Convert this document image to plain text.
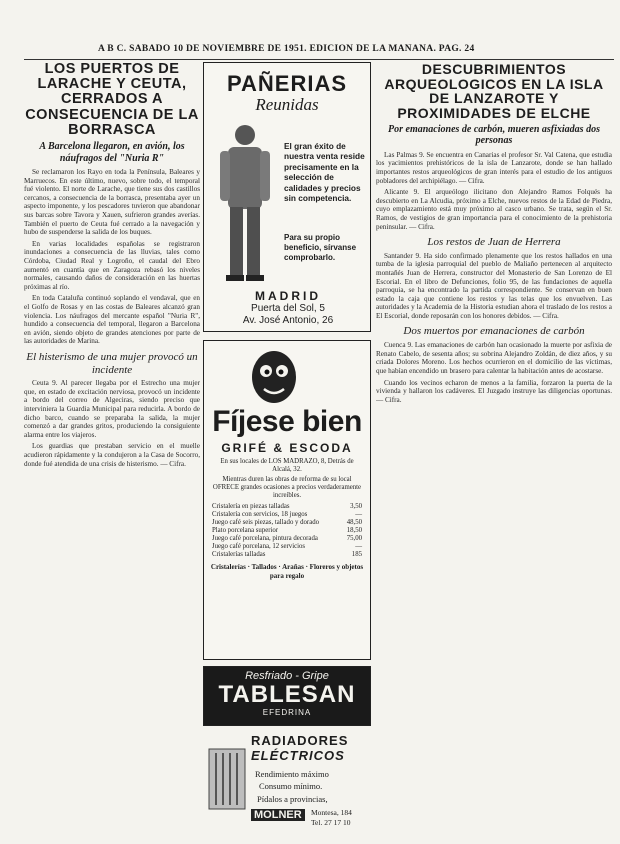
A B C. SABADO 10 DE NOVIEMBRE DE 1951. EDICION DE LA MAÑANA. PAG. 24
LOS PUERTOS DE LARACHE Y CEUTA, CERRADOS A CONSECUENCIA DE LA BORRASCA
A Barcelona llegaron, en avión, los náufragos del "Nuria R"

Se reclamaron los Rayo en toda la Península, Baleares y Marruecos. En este último, nuevo, sobre todo, el temporal fué violento. El norte de Larache, que tiene sus dos castillos cercanos, a consecuencia de la borrasca, presentaba ayer un aspecto imponente, y los pescadores tuvieron que abandonar sus barcas sobre Tavora y Xauen, sufrieron grandes averías. También el puerto de Ceuta fué cerrado a la navegación y hubo de suspenderse la salida de los buques.

En varias localidades españolas se registraron inundaciones a consecuencia de las lluvias, tales como Córdoba, Ciudad Real y Logroño, el caudal del Ebro aumentó en cuantía que en Zaragoza rebasó los niveles normales, causando daños de consideración en las huertas próximas al río.

En toda Cataluña continuó soplando el vendaval, que en el Golfo de Rosas y en las costas de Baleares alcanzó gran violencia. Los náufragos del mercante español "Nuria R", hundido a consecuencia del temporal, llegaron a Barcelona en avión, siendo objeto de grandes atenciones por parte de las autoridades de Marina.

El histerismo de una mujer provocó un incidente

Ceuta 9. Al parecer llegaba por el Estrecho una mujer que, en estado de excitación nerviosa, provocó un incidente a bordo del correo de Algeciras, siendo preciso que interviniera la Guardia Municipal para reducirla. A bordo de dicho barco, cuando se preparaba la salida, la mujer comenzó a dar grandes gritos, produciendo la consiguiente alarma entre los viajeros.

Los guardias que prestaban servicio en el muelle acudieron rápidamente y la condujeron a la Casa de Socorro, donde fué atendida de una crisis de histerismo. — Cifra.

PAÑERIAS
Reunidas
El gran éxito de nuestra venta reside precisamente en la selección de calidades y precios sin competencia.
Para su propio beneficio, sírvanse comprobarlo.
MADRID
Puerta del Sol, 5
Av. José Antonio, 26
Fíjese bien
GRIFÉ & ESCODA
En sus locales de LOS MADRAZO, 8, Detrás de Alcalá, 32.
Mientras duren las obras de reforma de su local OFRECE grandes ocasiones a precios verdaderamente increíbles.
Cristalería en piezas talladas	3,50
Cristalería con servicios, 18 juegos	—
Juego café seis piezas, tallado y dorado	48,50
Plato porcelana superior	18,50
Juego café porcelana, pintura decorada	75,00
Juego café porcelana, 12 servicios	—
Cristalerías talladas	185
Cristalerías · Tallados · Arañas · Floreros y objetos para regalo
Resfriado - Gripe
TABLESAN
EFEDRINA
RADIADORES
ELÉCTRICOS
Rendimiento máximo
Consumo mínimo.
Pídalos a provincias,
MOLNER	Montesa, 184
Tel. 27 17 10
DESCUBRIMIENTOS ARQUEOLOGICOS EN LA ISLA DE LANZAROTE Y PROXIMIDADES DE ELCHE
Por emanaciones de carbón, mueren asfixiadas dos personas

Las Palmas 9. Se encuentra en Canarias el profesor Sr. Val Catena, que estudia los yacimientos prehistóricos de la isla de Lanzarote, donde se han hallado importantes restos arqueológicos de gran interés para el estudio de los antiguos pobladores del archipiélago. — Cifra.

Alicante 9. El arqueólogo ilicitano don Alejandro Ramos Folqués ha descubierto en La Alcudia, próximo a Elche, nuevos restos de la Edad de Piedra, cuyo emplazamiento está muy próximo al casco urbano. Se trata, según el Sr. Ramos, de vestigios de gran importancia para el conocimiento de la prehistoria peninsular. — Cifra.

Los restos de Juan de Herrera

Santander 9. Ha sido confirmado plenamente que los restos hallados en una tumba de la iglesia parroquial del pueblo de Maliaño pertenecen al arquitecto montañés Juan de Herrera, constructor del Monasterio de San Lorenzo de El Escorial. En el libro de Defunciones, folio 95, de las fundaciones de aquella parroquia, se ha encontrado la partida correspondiente. Se conservan en buen estado la caja que contiene los restos y las telas que los envuelven. Las autoridades y la Academia de la Historia estudian ahora el traslado de los restos a El Escorial, donde reposarán con los honores debidos. — Cifra.

Dos muertos por emanaciones de carbón

Cuenca 9. Las emanaciones de carbón han ocasionado la muerte por asfixia de Renato Cabelo, de sesenta años; su sobrina Alejandro Zoldán, de diez años, y su criada Dolores Moreno. Los hechos ocurrieron en el domicilio de las víctimas, que habían encendido un brasero para calentar la habitación antes de acostarse.

Cuando los vecinos echaron de menos a la familia, forzaron la puerta de la vivienda y hallaron los cadáveres. El Juzgado instruye las diligencias oportunas. — Cifra.
